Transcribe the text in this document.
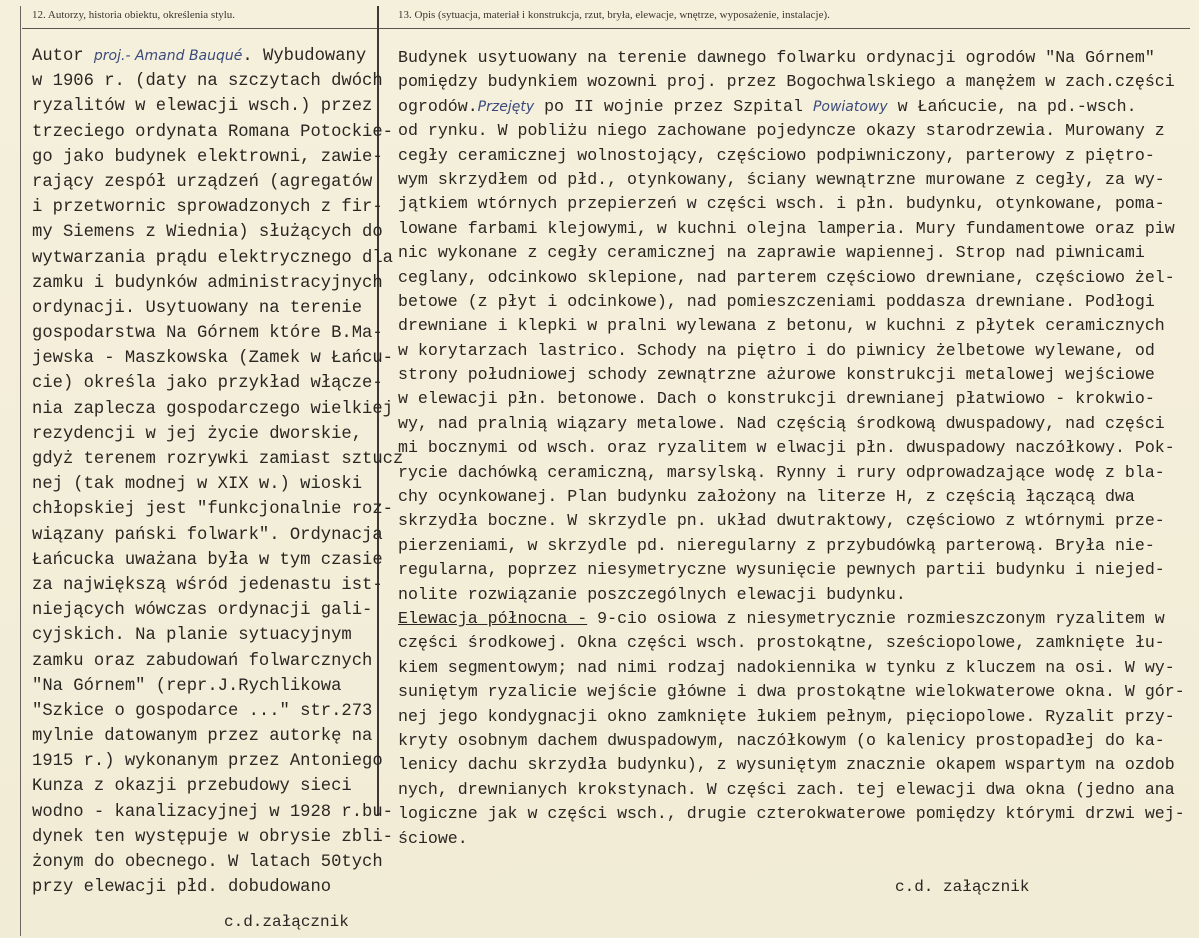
12. Autorzy, historia obiektu, określenia stylu.	13. Opis (sytuacja, materiał i konstrukcja, rzut, bryła, elewacje, wnętrze, wyposażenie, instalacje).
Autor proj.- Amand Bauqué. Wybudowany
w 1906 r. (daty na szczytach dwóch
ryzalitów w elewacji wsch.) przez
trzeciego ordynata Romana Potockie-
go jako budynek elektrowni, zawie-
rający zespół urządzeń (agregatów
i przetwornic sprowadzonych z fir-
my Siemens z Wiednia) służących do
wytwarzania prądu elektrycznego dla
zamku i budynków administracyjnych
ordynacji. Usytuowany na terenie
gospodarstwa Na Górnem które B.Ma-
jewska - Maszkowska (Zamek w Łańcu-
cie) określa jako przykład włącze-
nia zaplecza gospodarczego wielkiej
rezydencji w jej życie dworskie,
gdyż terenem rozrywki zamiast sztucz
nej (tak modnej w XIX w.) wioski
chłopskiej jest "funkcjonalnie roz-
wiązany pański folwark". Ordynacja
Łańcucka uważana była w tym czasie
za największą wśród jedenastu ist-
niejących wówczas ordynacji gali-
cyjskich. Na planie sytuacyjnym
zamku oraz zabudowań folwarcznych
"Na Górnem" (repr.J.Rychlikowa
"Szkice o gospodarce ..." str.273
mylnie datowanym przez autorkę na
1915 r.) wykonanym przez Antoniego
Kunza z okazji przebudowy sieci
wodno - kanalizacyjnej w 1928 r.bu-
dynek ten występuje w obrysie zbli-
żonym do obecnego. W latach 50tych
przy elewacji płd. dobudowano
Budynek usytuowany na terenie dawnego folwarku ordynacji ogrodów "Na Górnem"
pomiędzy budynkiem wozowni proj. przez Bogochwalskiego a manężem w zach.części
ogrodów.Przejęty po II wojnie przez Szpital Powiatowy w Łańcucie, na pd.-wsch.
od rynku. W pobliżu niego zachowane pojedyncze okazy starodrzewia. Murowany z
cegły ceramicznej wolnostojący, częściowo podpiwniczony, parterowy z piętro-
wym skrzydłem od płd., otynkowany, ściany wewnątrzne murowane z cegły, za wy-
jątkiem wtórnych przepierzeń w części wsch. i płn. budynku, otynkowane, poma-
lowane farbami klejowymi, w kuchni olejna lamperia. Mury fundamentowe oraz piw
nic wykonane z cegły ceramicznej na zaprawie wapiennej. Strop nad piwnicami
ceglany, odcinkowo sklepione, nad parterem częściowo drewniane, częściowo żel-
betowe (z płyt i odcinkowe), nad pomieszczeniami poddasza drewniane. Podłogi
drewniane i klepki w pralni wylewana z betonu, w kuchni z płytek ceramicznych
w korytarzach lastrico. Schody na piętro i do piwnicy żelbetowe wylewane, od
strony południowej schody zewnątrzne ażurowe konstrukcji metalowej wejściowe
w elewacji płn. betonowe. Dach o konstrukcji drewnianej płatwiowo - krokwio-
wy, nad pralnią wiązary metalowe. Nad częścią środkową dwuspadowy, nad części
mi bocznymi od wsch. oraz ryzalitem w elwacji płn. dwuspadowy naczółkowy. Pok-
rycie dachówką ceramiczną, marsylską. Rynny i rury odprowadzające wodę z bla-
chy ocynkowanej. Plan budynku założony na literze H, z częścią łączącą dwa
skrzydła boczne. W skrzydle pn. układ dwutraktowy, częściowo z wtórnymi prze-
pierzeniami, w skrzydle pd. nieregularny z przybudówką parterową. Bryła nie-
regularna, poprzez niesymetryczne wysunięcie pewnych partii budynku i niejed-
nolite rozwiązanie poszczególnych elewacji budynku.
Elewacja północna - 9-cio osiowa z niesymetrycznie rozmieszczonym ryzalitem w
części środkowej. Okna części wsch. prostokątne, sześciopolowe, zamknięte łu-
kiem segmentowym; nad nimi rodzaj nadokiennika w tynku z kluczem na osi. W wy-
suniętym ryzalicie wejście główne i dwa prostokątne wielokwaterowe okna. W gór-
nej jego kondygnacji okno zamknięte łukiem pełnym, pięciopolowe. Ryzalit przy-
kryty osobnym dachem dwuspadowym, naczółkowym (o kalenicy prostopadłej do ka-
lenicy dachu skrzydła budynku), z wysuniętym znacznie okapem wspartym na ozdob
nych, drewnianych krokstynach. W części zach. tej elewacji dwa okna (jedno ana
logiczne jak w części wsch., drugie czterokwaterowe pomiędzy którymi drzwi wej-
ściowe.
c.d.załącznik
c.d. załącznik
